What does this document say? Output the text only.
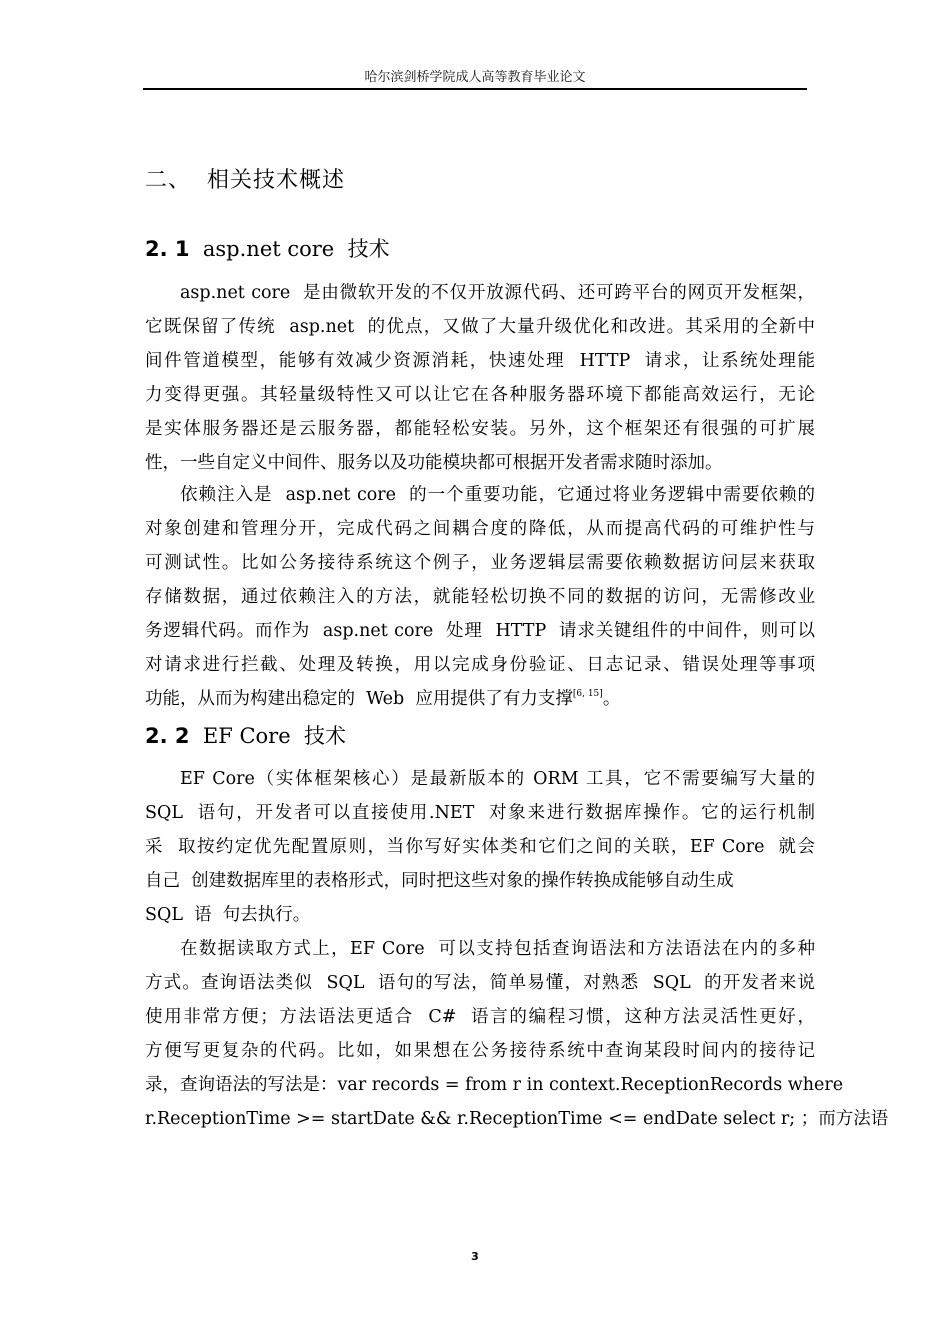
哈尔滨剑桥学院成人高等教育毕业论文
二、  相关技术概述
2. 1 asp.net core 技术
asp.net core  是由微软开发的不仅开放源代码、还可跨平台的网页开发框架，
它既保留了传统  asp.net  的优点，又做了大量升级优化和改进。其采用的全新中
间件管道模型，能够有效减少资源消耗，快速处理  HTTP  请求，让系统处理能
力变得更强。其轻量级特性又可以让它在各种服务器环境下都能高效运行，无论
是实体服务器还是云服务器，都能轻松安装。另外，这个框架还有很强的可扩展
性，一些自定义中间件、服务以及功能模块都可根据开发者需求随时添加。
依赖注入是  asp.net core  的一个重要功能，它通过将业务逻辑中需要依赖的
对象创建和管理分开，完成代码之间耦合度的降低，从而提高代码的可维护性与
可测试性。比如公务接待系统这个例子，业务逻辑层需要依赖数据访问层来获取
存储数据，通过依赖注入的方法，就能轻松切换不同的数据的访问，无需修改业
务逻辑代码。而作为  asp.net core  处理  HTTP  请求关键组件的中间件，则可以
对请求进行拦截、处理及转换，用以完成身份验证、日志记录、错误处理等事项
功能，从而为构建出稳定的  Web  应用提供了有力支撑[6, 15]。
2. 2 EF Core 技术
EF Core（实体框架核心）是最新版本的 ORM 工具，它不需要编写大量的
SQL  语句，开发者可以直接使用.NET  对象来进行数据库操作。它的运行机制
采  取按约定优先配置原则，当你写好实体类和它们之间的关联，EF Core  就会
自己  创建数据库里的表格形式，同时把这些对象的操作转换成能够自动生成
SQL  语  句去执行。
在数据读取方式上，EF Core  可以支持包括查询语法和方法语法在内的多种
方式。查询语法类似  SQL  语句的写法，简单易懂，对熟悉  SQL  的开发者来说
使用非常方便；方法语法更适合  C#  语言的编程习惯，这种方法灵活性更好，
方便写更复杂的代码。比如，如果想在公务接待系统中查询某段时间内的接待记
录，查询语法的写法是：var records = from r in context.ReceptionRecords where
r.ReceptionTime >= startDate && r.ReceptionTime <= endDate select r; ；而方法语
3
